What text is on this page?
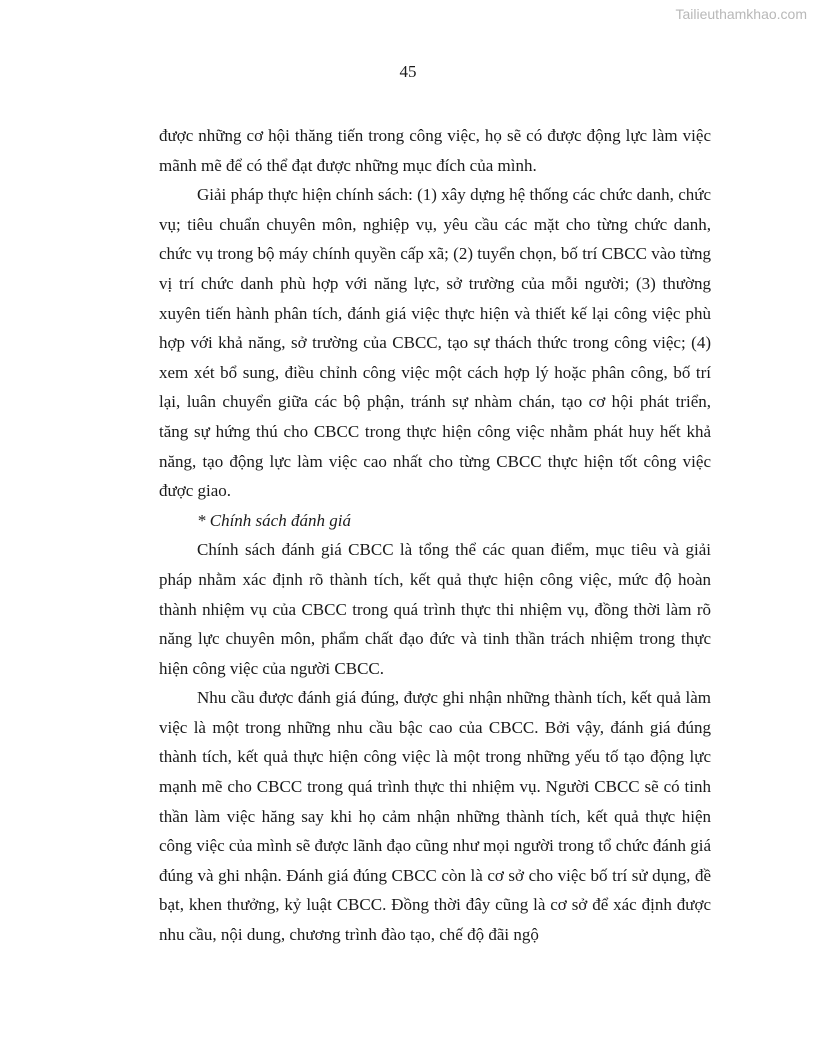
Tailieuthamkhao.com
45

được những cơ hội thăng tiến trong công việc, họ sẽ có được động lực làm việc mãnh mẽ để có thể đạt được những mục đích của mình.

Giải pháp thực hiện chính sách: (1) xây dựng hệ thống các chức danh, chức vụ; tiêu chuẩn chuyên môn, nghiệp vụ, yêu cầu các mặt cho từng chức danh, chức vụ trong bộ máy chính quyền cấp xã; (2) tuyển chọn, bố trí CBCC vào từng vị trí chức danh phù hợp với năng lực, sở trường của mỗi người; (3) thường xuyên tiến hành phân tích, đánh giá việc thực hiện và thiết kế lại công việc phù hợp với khả năng, sở trường của CBCC, tạo sự thách thức trong công việc; (4) xem xét bổ sung, điều chỉnh công việc một cách hợp lý hoặc phân công, bố trí lại, luân chuyển giữa các bộ phận, tránh sự nhàm chán, tạo cơ hội phát triển, tăng sự hứng thú cho CBCC trong thực hiện công việc nhằm phát huy hết khả năng, tạo động lực làm việc cao nhất cho từng CBCC thực hiện tốt công việc được giao.

* Chính sách đánh giá

Chính sách đánh giá CBCC là tổng thể các quan điểm, mục tiêu và giải pháp nhằm xác định rõ thành tích, kết quả thực hiện công việc, mức độ hoàn thành nhiệm vụ của CBCC trong quá trình thực thi nhiệm vụ, đồng thời làm rõ năng lực chuyên môn, phẩm chất đạo đức và tinh thần trách nhiệm trong thực hiện công việc của người CBCC.

Nhu cầu được đánh giá đúng, được ghi nhận những thành tích, kết quả làm việc là một trong những nhu cầu bậc cao của CBCC. Bởi vậy, đánh giá đúng thành tích, kết quả thực hiện công việc là một trong những yếu tố tạo động lực mạnh mẽ cho CBCC trong quá trình thực thi nhiệm vụ. Người CBCC sẽ có tinh thần làm việc hăng say khi họ cảm nhận những thành tích, kết quả thực hiện công việc của mình sẽ được lãnh đạo cũng như mọi người trong tổ chức đánh giá đúng và ghi nhận. Đánh giá đúng CBCC còn là cơ sở cho việc bố trí sử dụng, đề bạt, khen thưởng, kỷ luật CBCC. Đồng thời đây cũng là cơ sở để xác định được nhu cầu, nội dung, chương trình đào tạo, chế độ đãi ngộ
